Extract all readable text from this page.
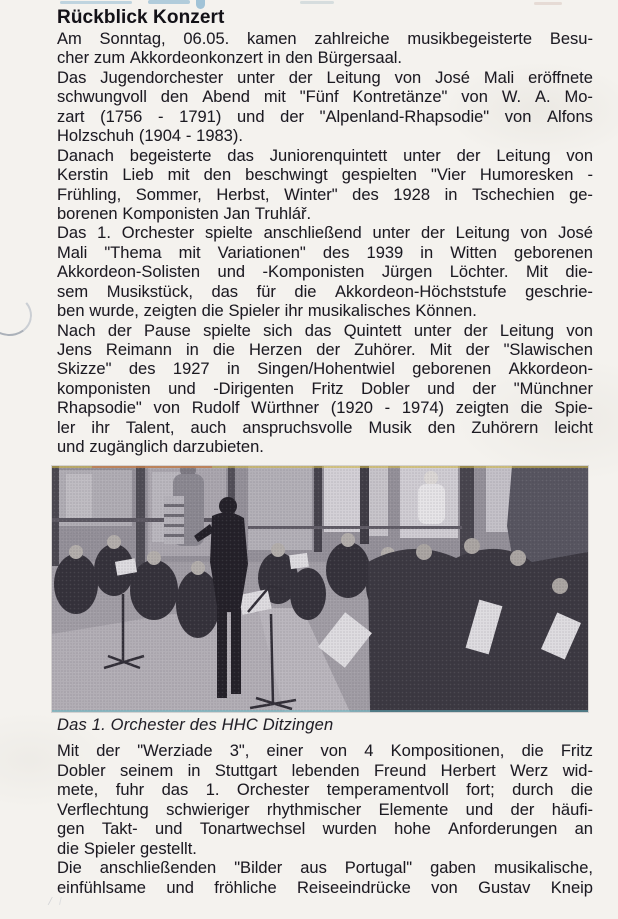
Rückblick Konzert
Am Sonntag, 06.05. kamen zahlreiche musikbegeisterte Besu-
cher zum Akkordeonkonzert in den Bürgersaal.
Das Jugendorchester unter der Leitung von José Mali eröffnete
schwungvoll den Abend mit "Fünf Kontretänze" von W. A. Mo-
zart (1756 - 1791) und der "Alpenland-Rhapsodie" von Alfons
Holzschuh (1904 - 1983).
Danach begeisterte das Juniorenquintett unter der Leitung von
Kerstin Lieb mit den beschwingt gespielten "Vier Humoresken -
Frühling, Sommer, Herbst, Winter" des 1928 in Tschechien ge-
borenen Komponisten Jan Truhlář.
Das 1. Orchester spielte anschließend unter der Leitung von José
Mali "Thema mit Variationen" des 1939 in Witten geborenen
Akkordeon-Solisten und -Komponisten Jürgen Löchter. Mit die-
sem Musikstück, das für die Akkordeon-Höchststufe geschrie-
ben wurde, zeigten die Spieler ihr musikalisches Können.
Nach der Pause spielte sich das Quintett unter der Leitung von
Jens Reimann in die Herzen der Zuhörer. Mit der "Slawischen
Skizze" des 1927 in Singen/Hohentwiel geborenen Akkordeon-
komponisten und -Dirigenten Fritz Dobler und der "Münchner
Rhapsodie" von Rudolf Würthner (1920 - 1974) zeigten die Spie-
ler ihr Talent, auch anspruchsvolle Musik den Zuhörern leicht
und zugänglich darzubieten.
Das 1. Orchester des HHC Ditzingen
Mit der "Werziade 3", einer von 4 Kompositionen, die Fritz
Dobler seinem in Stuttgart lebenden Freund Herbert Werz wid-
mete, fuhr das 1. Orchester temperamentvoll fort; durch die
Verflechtung schwieriger rhythmischer Elemente und der häufi-
gen Takt- und Tonartwechsel wurden hohe Anforderungen an
die Spieler gestellt.
Die anschließenden "Bilder aus Portugal" gaben musikalische,
einfühlsame und fröhliche Reiseeindrücke von Gustav Kneip
